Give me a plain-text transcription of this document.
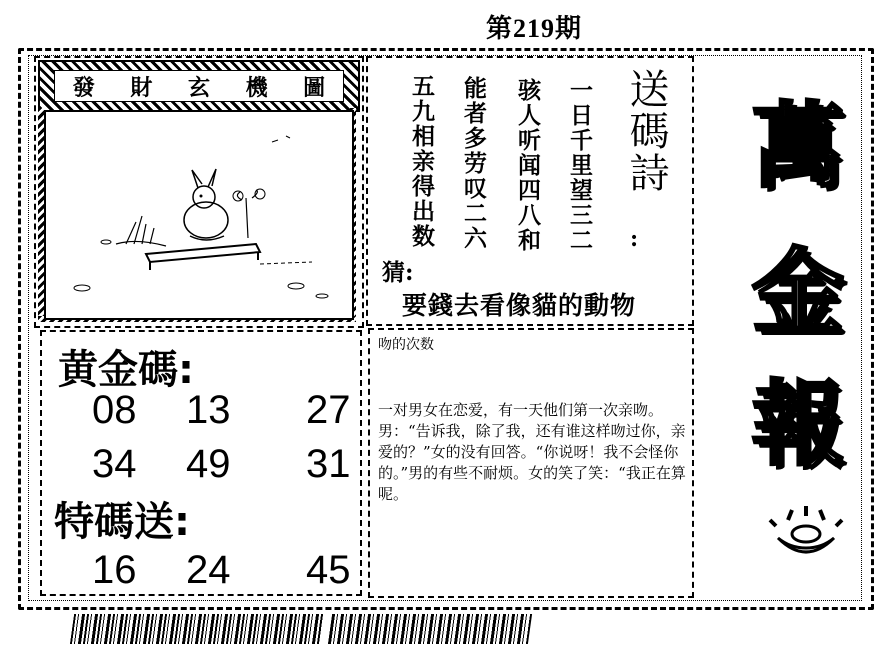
第219期
發 財 玄 機 圖	一日千里望三二
骇人听闻四八和
能者多劳叹二六
五九相亲得出数	送碼詩
:
猜:
要錢去看像貓的動物
萬
金
報
黄金碼:
08 13 27
34 49 31
特碼送:
16 24 45
吻的次数
一对男女在恋爱，有一天他们第一次亲吻。男：“告诉我，除了我，还有谁这样吻过你，亲爱的？”女的没有回答。“你说呀！我不会怪你的。”男的有些不耐烦。女的笑了笑：“我正在算呢。
